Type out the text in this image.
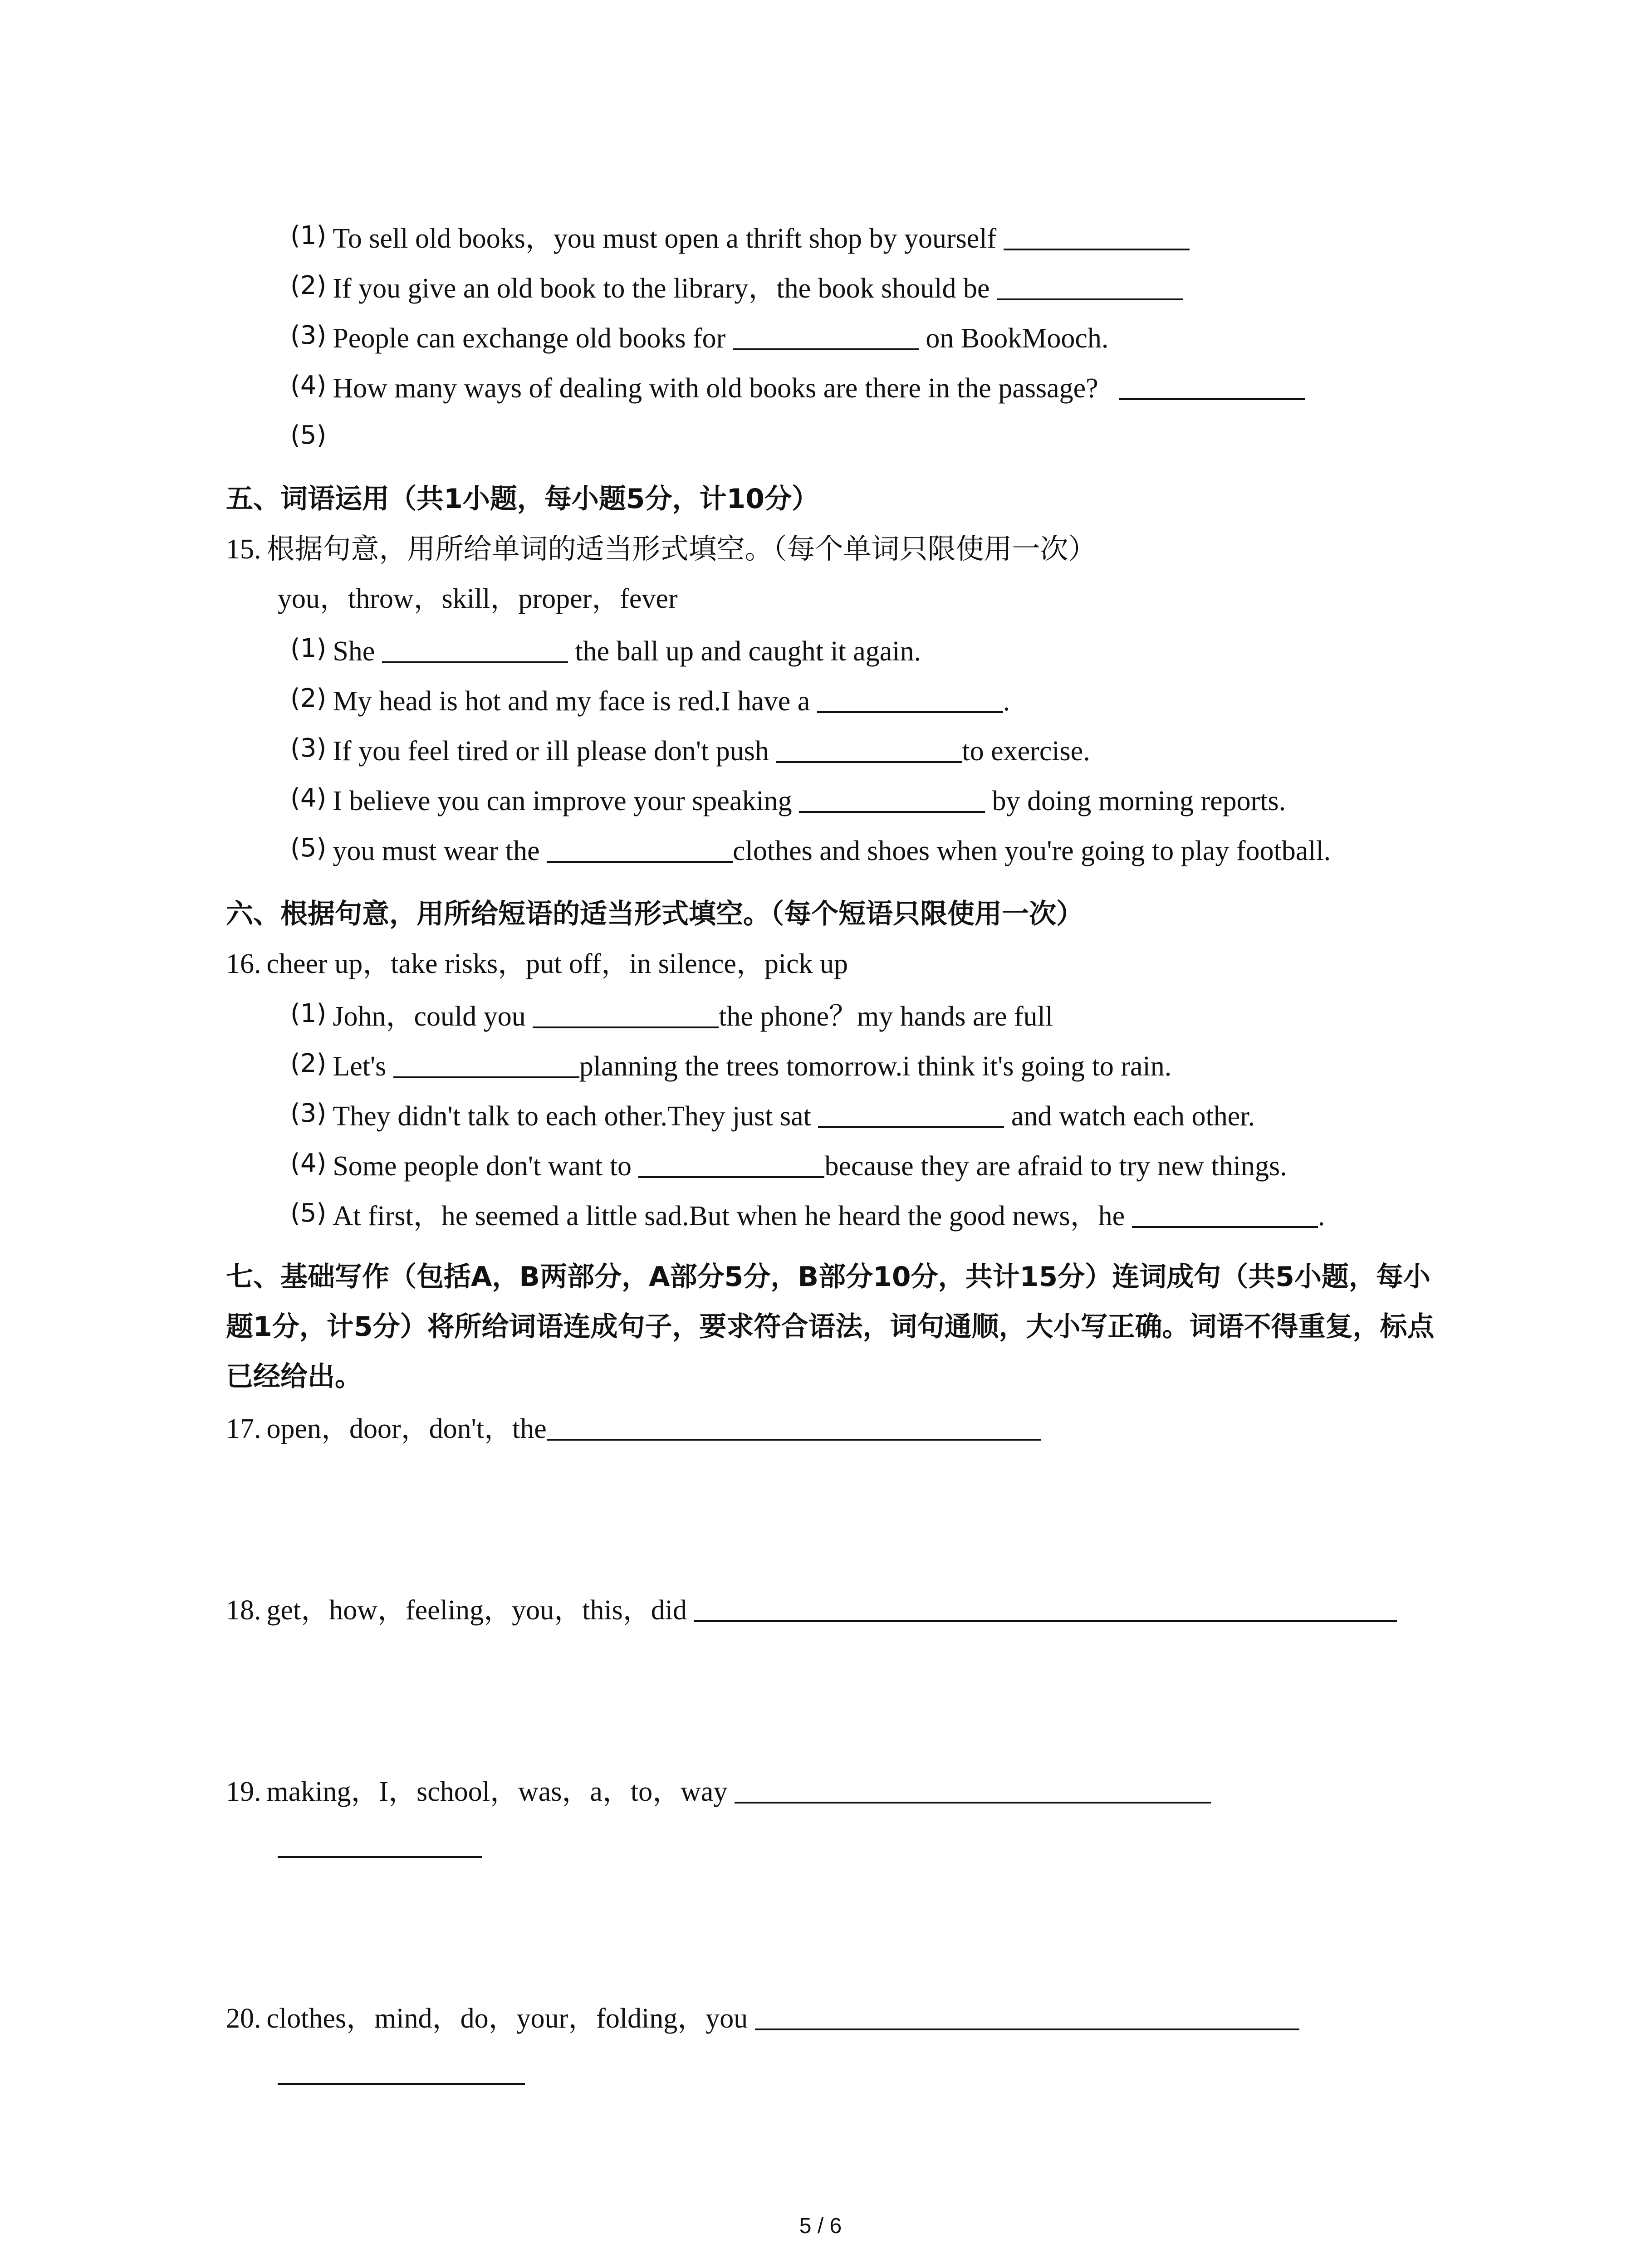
(1) To sell old books，you must open a thrift shop by yourself
(2) If you give an old book to the library，the book should be
(3) People can exchange old books for	on BookMooch.
(4) How many ways of dealing with old books are there in the passage?
(5)
五、词语运用（共1小题，每小题5分，计10分）
15. 根据句意，用所给单词的适当形式填空。（每个单词只限使用一次）
you，throw，skill，proper，fever
(1) She	the ball up and caught it again.
(2) My head is hot and my face is red.I have a	.
(3) If you feel tired or ill please don't push	to exercise.
(4) I believe you can improve your speaking	by doing morning reports.
(5) you must wear the	clothes and shoes when you're going to play football.
六、根据句意，用所给短语的适当形式填空。（每个短语只限使用一次）
16. cheer up，take risks，put off，in silence，pick up
(1) John，could you	the phone？my hands are full
(2) Let's	planning the trees tomorrow.i think it's going to rain.
(3) They didn't talk to each other.They just sat	and watch each other.
(4) Some people don't want to	because they are afraid to try new things.
(5) At first，he seemed a little sad.But when he heard the good news，he	.
七、基础写作（包括A，B两部分，A部分5分，B部分10分，共计15分）连词成句（共5小题，每小题1分，计5分）将所给词语连成句子，要求符合语法，词句通顺，大小写正确。词语不得重复，标点已经给出。
17. open，door，don't，the
18. get，how，feeling，you，this，did
19. making，I，school，was，a，to，way
20. clothes，mind，do，your，folding，you
5 / 6
